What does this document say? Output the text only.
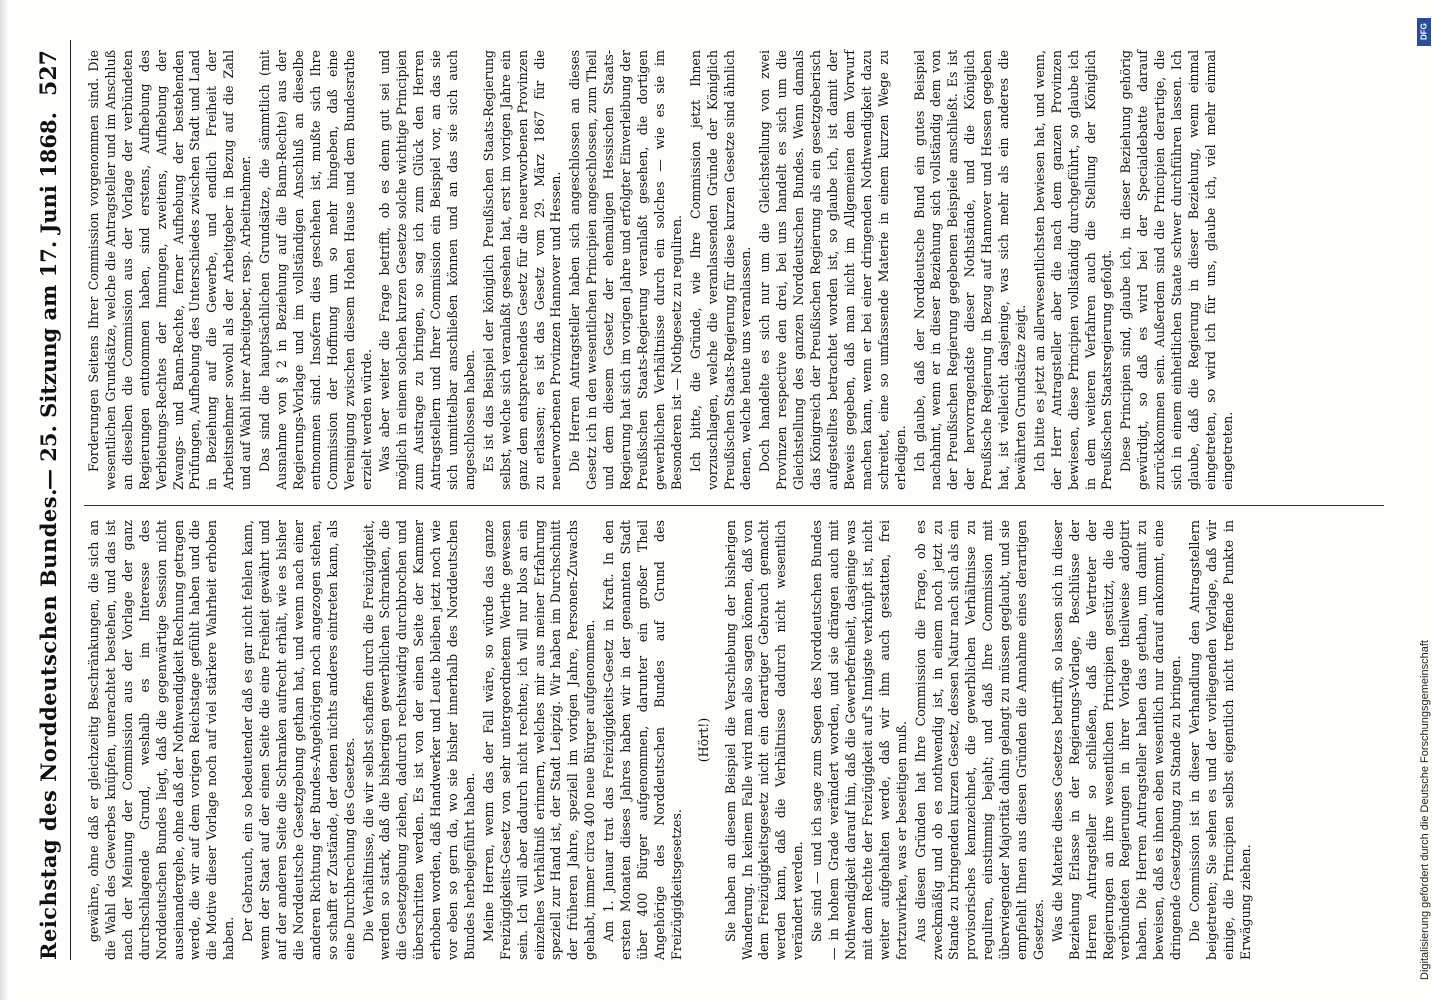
Reichstag des Norddeutschen Bundes.
— 25. Sitzung am 17. Juni 1868.
527

gewähre, ohne daß er gleichzeitig Beschränkungen, die sich an die Wahl des Gewerbes knüpfen, unerachtet bestehen, und das ist nach der Meinung der Commission aus der Vorlage der ganz durchschlagende Grund, weshalb es im Interesse des Norddeutschen Bundes liegt, daß die gegenwärtige Session nicht auseinandergehe, ohne daß der Nothwendigkeit Rechnung getragen werde, die wir auf dem vorigen Reichstage gefühlt haben und die die Motive dieser Vorlage noch auf viel stärkere Wahrheit erhoben haben. Der Gebrauch, ein so bedeutender daß es gar nicht fehlen kann, wenn der Staat auf der einen Seite die eine Freiheit gewährt und auf der anderen Seite die Schranken aufrecht erhält, wie es bisher die Norddeutsche Gesetzgebung gethan hat, und wenn nach einer anderen Richtung der Bundes-Angehörigen noch angezogen stehen, so schafft er Zustände, der denen nichts anderes eintreten kann, als eine Durchbrechung des Gesetzes. Die Verhältnisse, die wir selbst schaffen durch die Freizügigkeit, werden so stark, daß die bisherigen gewerblichen Schranken, die die Gesetzgebung ziehen, dadurch rechtswidrig durchbrochen und überschritten werden. Es ist von der einen Seite der Kammer erhoben worden, daß Handwerker und Leute bleiben jetzt noch wie vor eben so gern da, wo sie bisher innerhalb des Norddeutschen Bundes herbeigeführt haben. Meine Herren, wenn das der Fall wäre, so würde das ganze Freizügigkeits-Gesetz von sehr untergeordnetem Werthe gewesen sein. Ich will aber dadurch nicht rechten; ich will nur blos an ein einzelnes Verhältniß erinnern, welches mir aus meiner Erfahrung speziell zur Hand ist, der Stadt Leipzig. Wir haben im Durchschnitt der früheren Jahre, speziell im vorigen Jahre, Personen-Zuwachs gehabt, immer circa 400 neue Bürger aufgenommen. Am 1. Januar trat das Freizügigkeits-Gesetz in Kraft. In den ersten Monaten dieses Jahres haben wir in der genannten Stadt über 400 Bürger aufgenommen, darunter ein großer Theil Angehörige des Norddeutschen Bundes auf Grund des Freizügigkeitsgesetzes.

(Hört!) Sie haben an diesem Beispiel die Verschiebung der bisherigen Wanderung. In keinem Falle wird man also sagen können, daß von dem Freizügigkeitsgesetz nicht ein derartiger Gebrauch gemacht werden kann, daß die Verhältnisse dadurch nicht wesentlich verändert werden. Sie sind — und ich sage zum Segen des Norddeutschen Bundes — in hohem Grade verändert worden, und sie drängen auch mit Nothwendigkeit darauf hin, daß die Gewerbefreiheit, dasjenige was mit dem Rechte der Freizügigkeit auf's Innigste verknüpft ist, nicht weiter aufgehalten werde, daß wir ihm auch gestatten, frei fortzuwirken, was er beseitigen muß. Aus diesen Gründen hat Ihre Commission die Frage, ob es zweckmäßig und ob es nothwendig ist, in einem noch jetzt zu Stande zu bringenden kurzen Gesetz, dessen Natur nach sich als ein provisorisches kennzeichnet, die gewerblichen Verhältnisse zu reguliren, einstimmig bejaht; und daß Ihre Commission mit überwiegender Majorität dahin gelangt zu müssen geglaubt, und sie empfiehlt Ihnen aus diesen Gründen die Annahme eines derartigen Gesetzes. Was die Materie dieses Gesetzes betrifft, so lassen sich in dieser Beziehung Erlasse in der Regierungs-Vorlage, Beschlüsse der Herren Antragsteller so schließen, daß die Vertreter der Regierungen an ihre wesentlichen Principien gestützt, die die verbündeten Regierungen in ihrer Vorlage theilweise adoptirt haben. Die Herren Antragsteller haben das gethan, um damit zu beweisen, daß es ihnen eben wesentlich nur darauf ankommt, eine dringende Gesetzgebung zu Stande zu bringen. Die Commission ist in dieser Verhandlung den Antragstellern beigetreten; Sie sehen es und der vorliegenden Vorlage, daß wir einige, die Principien selbst eigentlich nicht treffende Punkte in Erwägung ziehen.

Forderungen Seitens Ihrer Commission vorgenommen sind. Die wesentlichen Grundsätze, welche die Antragsteller und im Anschluß an dieselben die Commission aus der Vorlage der verbündeten Regierungen entnommen haben, sind erstens, Aufhebung des Verbietungs-Rechtes der Innungen, zweitens, Aufhebung der Zwangs- und Bann-Rechte, ferner Aufhebung der bestehenden Prüfungen, Aufhebung des Unterschiedes zwischen Stadt und Land in Beziehung auf die Gewerbe, und endlich Freiheit der Arbeitsnehmer sowohl als der Arbeitgeber in Bezug auf die Zahl und auf Wahl ihrer Arbeitgeber, resp. Arbeitnehmer. Das sind die hauptsächlichen Grundsätze, die sämmtlich (mit Ausnahme von § 2 in Beziehung auf die Bann-Rechte) aus der Regierungs-Vorlage und im vollständigen Anschluß an dieselbe entnommen sind. Insofern dies geschehen ist, mußte sich Ihre Commission der Hoffnung um so mehr hingeben, daß eine Vereinigung zwischen diesem Hohen Hause und dem Bundesrathe erzielt werden würde. Was aber weiter die Frage betrifft, ob es denn gut sei und möglich in einem solchen kurzen Gesetze solche wichtige Principien zum Austrage zu bringen, so sag ich zum Glück den Herren Antragstellern und Ihrer Commission ein Beispiel vor, an das sie sich unmittelbar anschließen können und an das sie sich auch angeschlossen haben. Es ist das Beispiel der königlich Preußischen Staats-Regierung selbst, welche sich veranlaßt gesehen hat, erst im vorigen Jahre ein ganz dem entsprechendes Gesetz für die neuerworbenen Provinzen zu erlassen; es ist das Gesetz vom 29. März 1867 für die neuerworbenen Provinzen Hannover und Hessen. Die Herren Antragsteller haben sich angeschlossen an dieses Gesetz ich in den wesentlichen Principien angeschlossen, zum Theil und dem diesem Gesetz der ehemaligen Hessischen Staats-Regierung hat sich im vorigen Jahre und erfolgter Einverleibung der Preußischen Staats-Regierung veranlaßt gesehen, die dortigen gewerblichen Verhältnisse durch ein solches — wie es sie im Besonderen ist — Nothgesetz zu reguliren. Ich bitte, die Gründe, wie Ihre Commission jetzt Ihnen vorzuschlagen, welche die veranlassenden Gründe der Königlich Preußischen Staats-Regierung für diese kurzen Gesetze sind ähnlich denen, welche heute uns veranlassen. Doch handelte es sich nur um die Gleichstellung von zwei Provinzen respective den drei, bei uns handelt es sich um die Gleichstellung des ganzen Norddeutschen Bundes. Wenn damals das Königreich der Preußischen Regierung als ein gesetzgeberisch aufgestelltes betrachtet worden ist, so glaube ich, ist damit der Beweis gegeben, daß man nicht im Allgemeinen dem Vorwurf machen kann, wenn er bei einer dringenden Nothwendigkeit dazu schreitet, eine so umfassende Materie in einem kurzen Wege zu erledigen. Ich glaube, daß der Norddeutsche Bund ein gutes Beispiel nachahmt, wenn er in dieser Beziehung sich vollständig dem von der Preußischen Regierung gegebenen Beispiele anschließt. Es ist der hervorragendste dieser Nothstände, und die Königlich Preußische Regierung in Bezug auf Hannover und Hessen gegeben hat, ist vielleicht dasjenige, was sich mehr als ein anderes die bewährten Grundsätze zeigt. Ich bitte es jetzt an allerwesentlichsten bewiesen hat, und wenn, der Herr Antragsteller aber die nach dem ganzen Provinzen bewiesen, diese Principien vollständig durchgeführt, so glaube ich in dem weiteren Verfahren auch die Stellung der Königlich Preußischen Staatsregierung gefolgt. Diese Principien sind, glaube ich, in dieser Beziehung gehörig gewürdigt, so daß es wird bei der Specialdebatte darauf zurückkommen sein. Außerdem sind die Principien derartige, die sich in einem einheitlichen Staate schwer durchführen lassen. Ich glaube, daß die Regierung in dieser Beziehung, wenn einmal eingetreten, so wird ich für uns, glaube ich, viel mehr einmal eingetreten.

DFG
Digitalisierung gefördert durch die Deutsche Forschungsgemeinschaft
